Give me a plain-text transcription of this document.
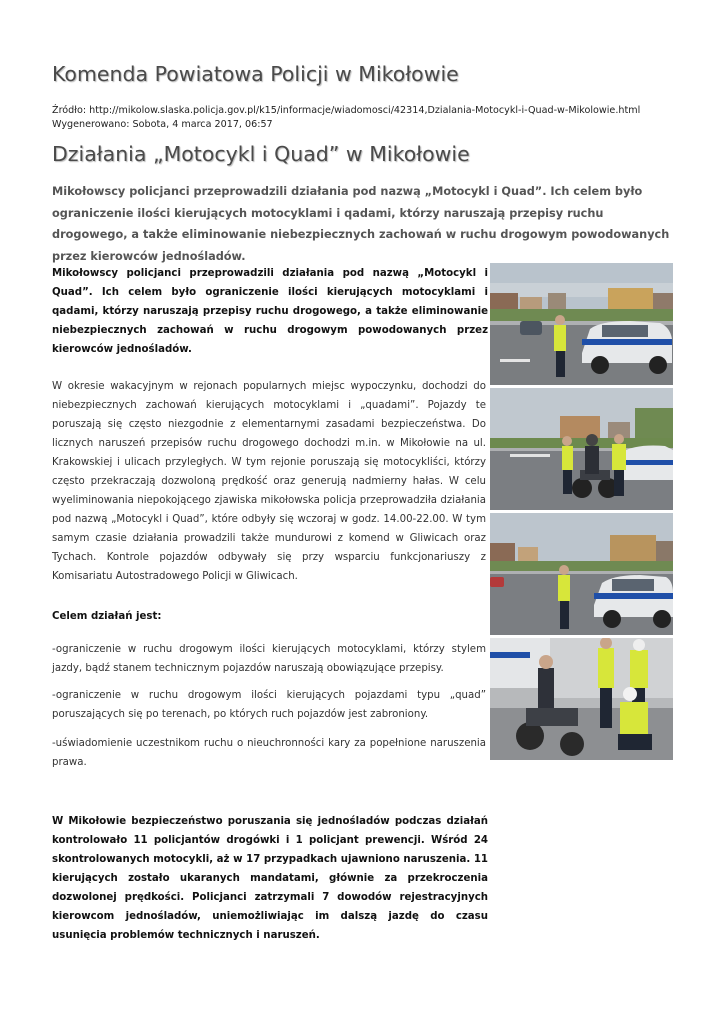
Komenda Powiatowa Policji w Mikołowie
Źródło: http://mikolow.slaska.policja.gov.pl/k15/informacje/wiadomosci/42314,Dzialania-Motocykl-i-Quad-w-Mikolowie.html
Wygenerowano: Sobota, 4 marca 2017, 06:57
Działania „Motocykl i Quad” w Mikołowie
Mikołowscy policjanci przeprowadzili działania pod nazwą „Motocykl i Quad”. Ich celem było ograniczenie ilości kierujących motocyklami i qadami, którzy naruszają przepisy ruchu drogowego, a także eliminowanie niebezpiecznych zachowań w ruchu drogowym powodowanych przez kierowców jednośladów.
Mikołowscy policjanci przeprowadzili działania pod nazwą „Motocykl i Quad”. Ich celem było ograniczenie ilości kierujących motocyklami i qadami, którzy naruszają przepisy ruchu drogowego, a także eliminowanie niebezpiecznych zachowań w ruchu drogowym powodowanych przez kierowców jednośladów.
W okresie wakacyjnym w rejonach popularnych miejsc wypoczynku, dochodzi do niebezpiecznych zachowań kierujących motocyklami i „quadami”. Pojazdy te poruszają się często niezgodnie z elementarnymi zasadami bezpieczeństwa. Do licznych naruszeń przepisów ruchu drogowego dochodzi m.in. w Mikołowie na ul. Krakowskiej i ulicach przyległych. W tym rejonie poruszają się motocykliści, którzy często przekraczają dozwoloną prędkość oraz generują nadmierny hałas. W celu wyeliminowania niepokojącego zjawiska mikołowska policja przeprowadziła działania pod nazwą „Motocykl i Quad”, które odbyły się wczoraj w godz. 14.00-22.00. W tym samym czasie działania prowadzili także mundurowi z komend w Gliwicach oraz Tychach. Kontrole pojazdów odbywały się przy wsparciu funkcjonariuszy z Komisariatu Autostradowego Policji w Gliwicach.
Celem działań jest:
-ograniczenie w ruchu drogowym ilości kierujących motocyklami, którzy stylem jazdy, bądź stanem technicznym pojazdów naruszają obowiązujące przepisy.
-ograniczenie w ruchu drogowym ilości kierujących pojazdami typu „quad” poruszających się po terenach, po których ruch pojazdów jest zabroniony.
-uświadomienie uczestnikom ruchu o nieuchronności kary za popełnione naruszenia prawa.
W Mikołowie bezpieczeństwo poruszania się jednośladów podczas działań kontrolowało 11 policjantów drogówki i 1 policjant prewencji. Wśród 24 skontrolowanych motocykli, aż w 17 przypadkach ujawniono naruszenia. 11 kierujących zostało ukaranych mandatami, głównie za przekroczenia dozwolonej prędkości. Policjanci zatrzymali 7 dowodów rejestracyjnych kierowcom jednośladów, uniemożliwiając im dalszą jazdę do czasu usunięcia problemów technicznych i naruszeń.
